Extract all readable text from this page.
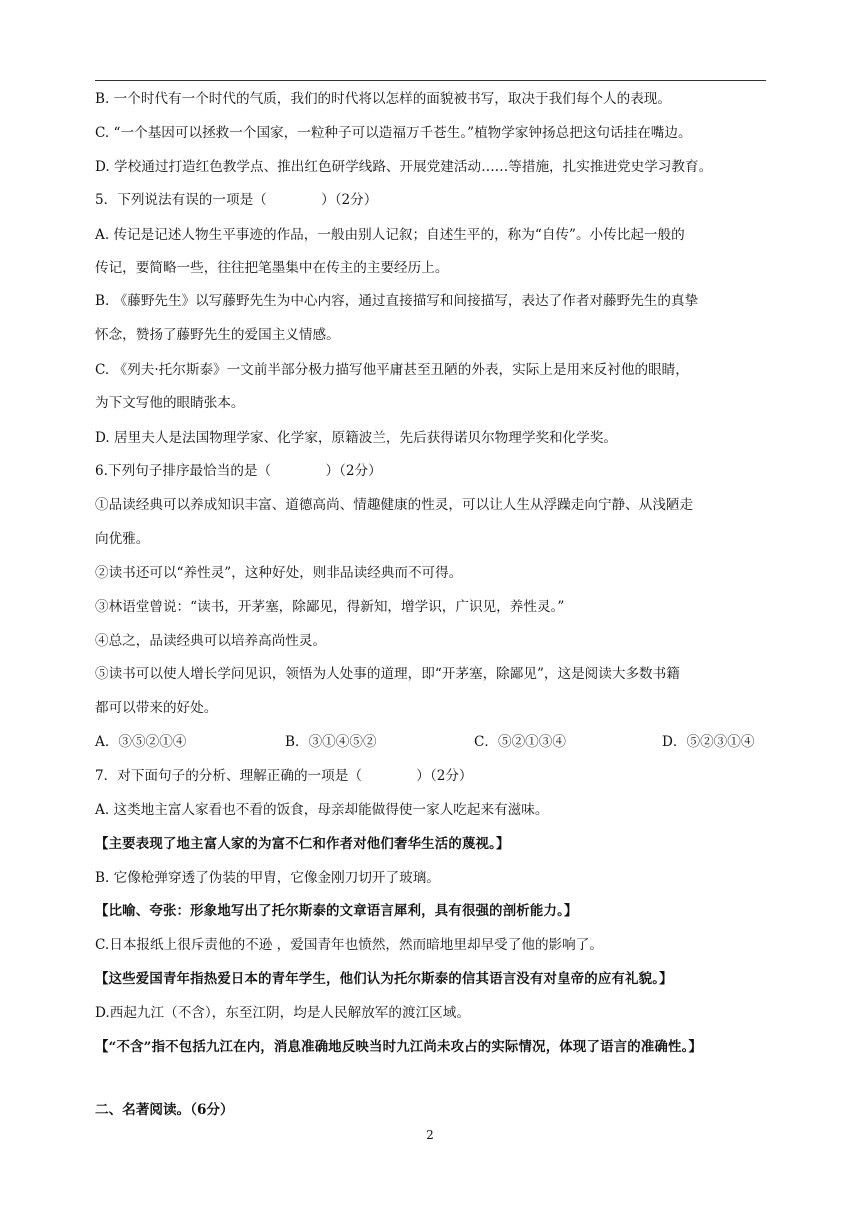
B. 一个时代有一个时代的气质，我们的时代将以怎样的面貌被书写，取决于我们每个人的表现。
C. “一个基因可以拯救一个国家，一粒种子可以造福万千苍生。”植物学家钟扬总把这句话挂在嘴边。
D. 学校通过打造红色教学点、推出红色研学线路、开展党建活动……等措施，扎实推进党史学习教育。
5．下列说法有误的一项是（　　　　）（2分）
A. 传记是记述人物生平事迹的作品，一般由别人记叙；自述生平的，称为“自传”。小传比起一般的
传记，要简略一些，往往把笔墨集中在传主的主要经历上。
B. 《藤野先生》以写藤野先生为中心内容，通过直接描写和间接描写，表达了作者对藤野先生的真挚
怀念，赞扬了藤野先生的爱国主义情感。
C. 《列夫·托尔斯泰》一文前半部分极力描写他平庸甚至丑陋的外表，实际上是用来反衬他的眼睛，
为下文写他的眼睛张本。
D. 居里夫人是法国物理学家、化学家，原籍波兰，先后获得诺贝尔物理学奖和化学奖。
6.下列句子排序最恰当的是（　　　　）（2分）
①品读经典可以养成知识丰富、道德高尚、情趣健康的性灵，可以让人生从浮躁走向宁静、从浅陋走
向优雅。
②读书还可以“养性灵”，这种好处，则非品读经典而不可得。
③林语堂曾说：“读书，开茅塞，除鄙见，得新知，增学识，广识见，养性灵。”
④总之，品读经典可以培养高尚性灵。
⑤读书可以使人增长学问见识，领悟为人处事的道理，即“开茅塞，除鄙见”，这是阅读大多数书籍
都可以带来的好处。
A．③⑤②①④	B．③①④⑤②	C．⑤②①③④	D．⑤②③①④
7．对下面句子的分析、理解正确的一项是（　　　　）（2分）
A. 这类地主富人家看也不看的饭食，母亲却能做得使一家人吃起来有滋味。
【主要表现了地主富人家的为富不仁和作者对他们奢华生活的蔑视。】
B. 它像枪弹穿透了伪装的甲胄，它像金刚刀切开了玻璃。
【比喻、夸张：形象地写出了托尔斯泰的文章语言犀利，具有很强的剖析能力。】
C.日本报纸上很斥责他的不逊 ，爱国青年也愤然，然而暗地里却早受了他的影响了。
【这些爱国青年指热爱日本的青年学生，他们认为托尔斯泰的信其语言没有对皇帝的应有礼貌。】
D.西起九江（不含），东至江阴，均是人民解放军的渡江区域。
【“不含”指不包括九江在内，消息准确地反映当时九江尚未攻占的实际情况，体现了语言的准确性。】
二、名著阅读。（6分）
2
